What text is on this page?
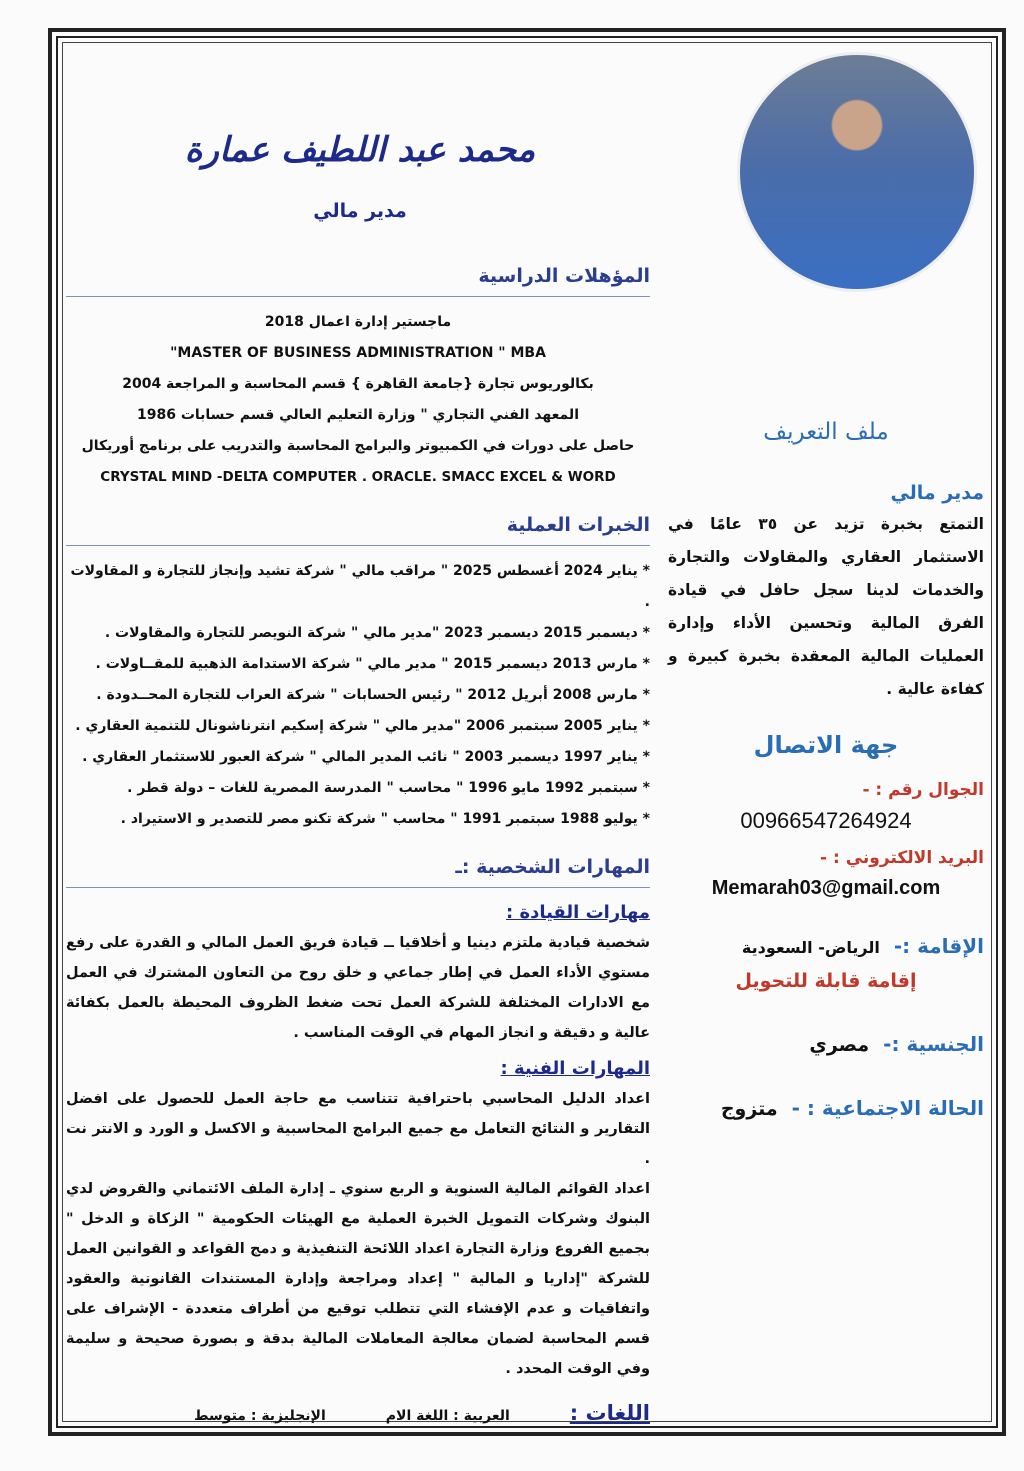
محمد عبد اللطيف عمارة
مدير مالي
المؤهلات الدراسية
ماجستير إدارة اعمال 2018
"MASTER OF BUSINESS ADMINISTRATION " MBA
بكالوريوس تجارة {جامعة القاهرة } قسم المحاسبة و المراجعة 2004
المعهد الفني التجاري " وزارة التعليم العالي قسم حسابات 1986
حاصل على دورات في الكمبيوتر والبرامج المحاسبة والتدريب على برنامج أوريكال
CRYSTAL MIND -DELTA COMPUTER . ORACLE. SMACC EXCEL & WORD
الخبرات العملية
* يناير 2024 أغسطس 2025 " مراقب مالي " شركة تشيد وإنجاز للتجارة و المقاولات .
* ديسمبر 2015 ديسمبر 2023 "مدير مالي " شركة النويصر للتجارة والمقاولات .
* مارس 2013 ديسمبر 2015 " مدير مالي " شركة الاستدامة الذهبية للمقــاولات .
* مارس 2008 أبريل 2012 " رئيس الحسابات " شركة العراب للتجارة المحــدودة .
* يناير 2005 سبتمبر 2006 "مدير مالي " شركة إسكيم انترناشونال للتنمية العقاري .
* يناير 1997 ديسمبر 2003 " نائب المدير المالي " شركة العبور للاستثمار العقاري .
* سبتمبر 1992 مايو 1996 " محاسب " المدرسة المصرية للغات – دولة قطر .
* يوليو 1988 سبتمبر 1991 " محاسب " شركة تكنو مصر للتصدير و الاستيراد .
المهارات الشخصية :ـ
مهارات القيادة :
شخصية قيادية ملتزم دينيا و أخلاقيا ــ قيادة فريق العمل المالي و القدرة على رفع مستوي الأداء العمل في إطار جماعي و خلق روح من التعاون المشترك في العمل مع الادارات المختلفة للشركة العمل تحت ضغط الظروف المحيطة بالعمل بكفائة عالية و دقيقة و انجاز المهام في الوقت المناسب .
المهارات الفنية :
اعداد الدليل المحاسبي باحترافية تتناسب مع حاجة العمل للحصول على افضل التقارير و النتائج التعامل مع جميع البرامج المحاسبية و الاكسل و الورد و الانتر نت .
اعداد القوائم المالية السنوية و الربع سنوي ـ إدارة الملف الائتماني والقروض لدي البنوك وشركات التمويل الخبرة العملية مع الهيئات الحكومية " الزكاة و الدخل " بجميع الفروع وزارة التجارة اعداد اللائحة التنفيذية و دمج القواعد و القوانين العمل للشركة "إداريا و المالية " إعداد ومراجعة وإدارة المستندات القانونية والعقود واتفاقيات و عدم الإفشاء التي تتطلب توقيع من أطراف متعددة - الإشراف على قسم المحاسبة لضمان معالجة المعاملات المالية بدقة و بصورة صحيحة و سليمة وفي الوقت المحدد .
اللغات :
العربية : اللغة الام
الإنجليزية : متوسط
ملف التعريف
مدير مالي
التمتع بخبرة تزيد عن ٣٥ عامًا في الاستثمار العقاري والمقاولات والتجارة والخدمات لدينا سجل حافل في قيادة الفرق المالية وتحسين الأداء وإدارة العمليات المالية المعقدة بخبرة كبيرة و كفاءة عالية .
جهة الاتصال
الجوال رقم : -
00966547264924
البريد الالكتروني : -
Memarah03@gmail.com
الإقامة :-
الرياض- السعودية
إقامة قابلة للتحويل
الجنسية :-
مصري
الحالة الاجتماعية : -
متزوج
